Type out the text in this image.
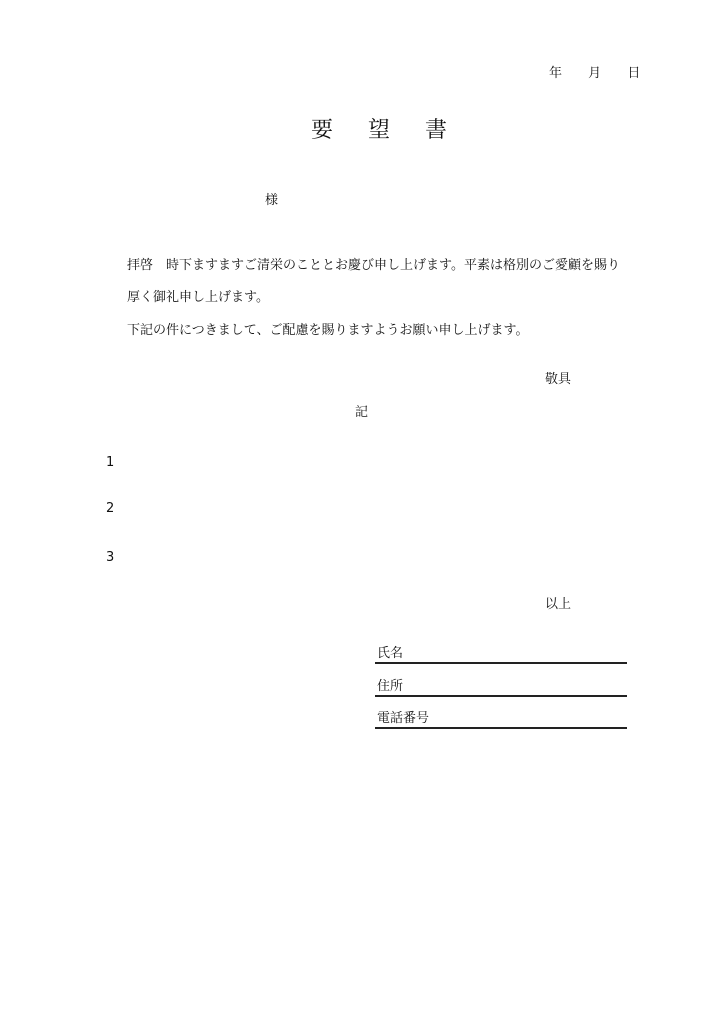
年 月 日
要 望 書
様
拝啓　時下ますますご清栄のこととお慶び申し上げます。平素は格別のご愛顧を賜り
厚く御礼申し上げます。
下記の件につきまして、ご配慮を賜りますようお願い申し上げます。
敬具
記
1
2
3
以上
氏名
住所
電話番号
